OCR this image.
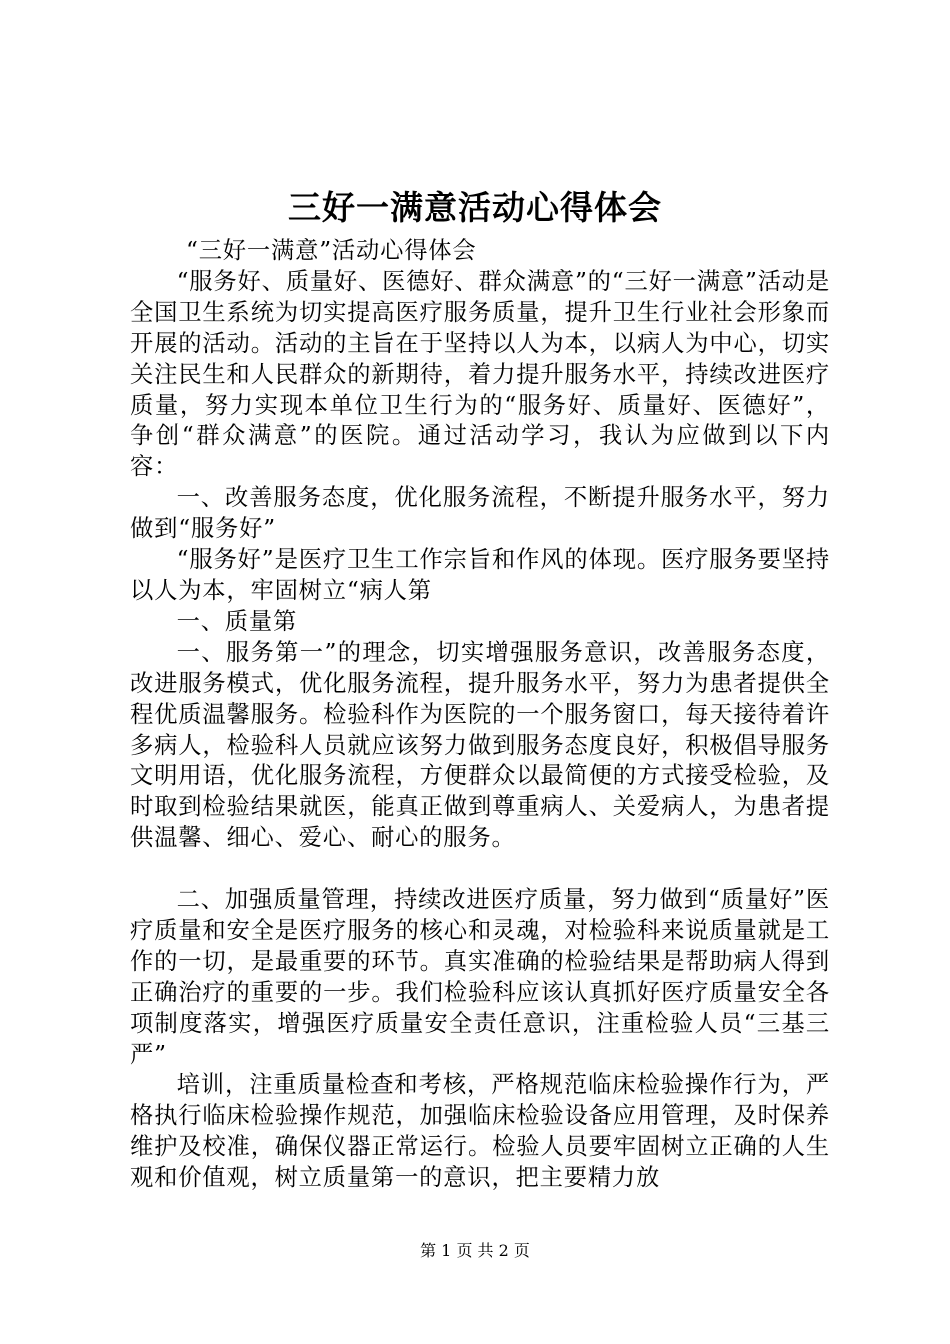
三好一满意活动心得体会

“三好一满意”活动心得体会

“服务好、质量好、医德好、群众满意”的“三好一满意”活动是全国卫生系统为切实提高医疗服务质量，提升卫生行业社会形象而开展的活动。活动的主旨在于坚持以人为本，以病人为中心，切实关注民生和人民群众的新期待，着力提升服务水平，持续改进医疗质量，努力实现本单位卫生行为的“服务好、质量好、医德好”，争创“群众满意”的医院。通过活动学习，我认为应做到以下内容：

一、改善服务态度，优化服务流程，不断提升服务水平，努力做到“服务好”

“服务好”是医疗卫生工作宗旨和作风的体现。医疗服务要坚持以人为本，牢固树立“病人第

一、质量第

一、服务第一”的理念，切实增强服务意识，改善服务态度，改进服务模式，优化服务流程，提升服务水平，努力为患者提供全程优质温馨服务。检验科作为医院的一个服务窗口，每天接待着许多病人，检验科人员就应该努力做到服务态度良好，积极倡导服务文明用语，优化服务流程，方便群众以最简便的方式接受检验，及时取到检验结果就医，能真正做到尊重病人、关爱病人，为患者提供温馨、细心、爱心、耐心的服务。

二、加强质量管理，持续改进医疗质量，努力做到“质量好”医疗质量和安全是医疗服务的核心和灵魂，对检验科来说质量就是工作的一切，是最重要的环节。真实准确的检验结果是帮助病人得到正确治疗的重要的一步。我们检验科应该认真抓好医疗质量安全各项制度落实，增强医疗质量安全责任意识，注重检验人员“三基三严”

培训，注重质量检查和考核，严格规范临床检验操作行为，严格执行临床检验操作规范，加强临床检验设备应用管理，及时保养维护及校准，确保仪器正常运行。检验人员要牢固树立正确的人生观和价值观，树立质量第一的意识，把主要精力放

第 1 页 共 2 页
